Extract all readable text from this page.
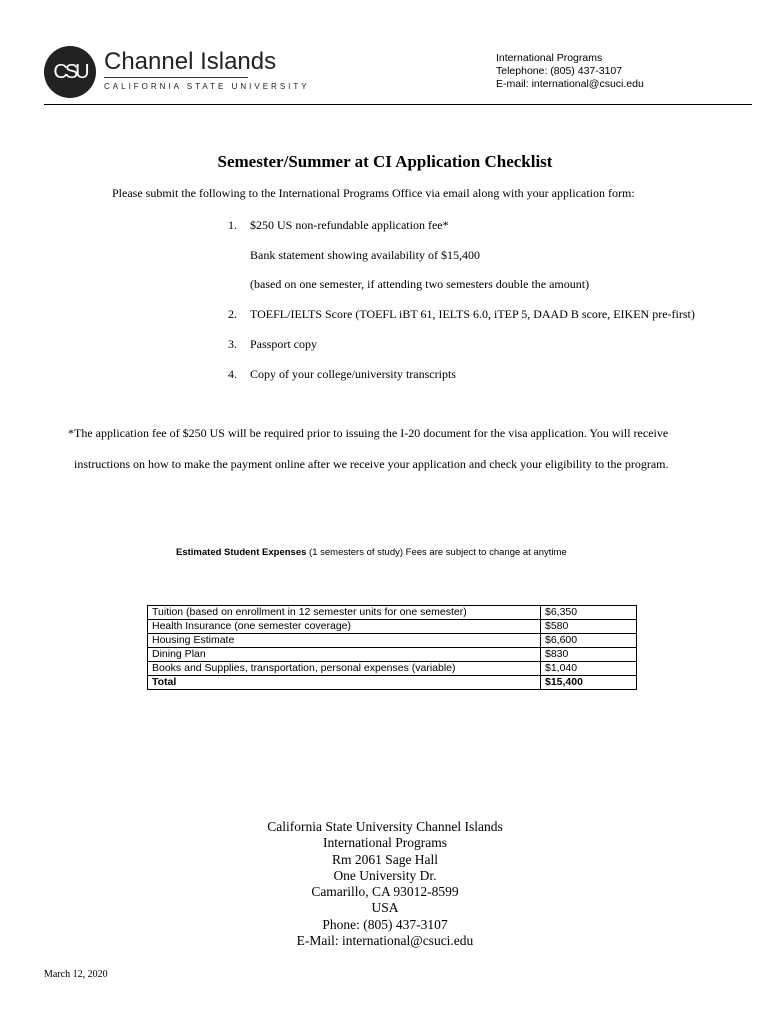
CSU Channel Islands
CALIFORNIA STATE UNIVERSITY
International Programs
Telephone: (805) 437-3107
E-mail: international@csuci.edu
Semester/Summer at CI Application Checklist
Please submit the following to the International Programs Office via email along with your application form:
1. $250 US non-refundable application fee*
Bank statement showing availability of $15,400
(based on one semester, if attending two semesters double the amount)
2. TOEFL/IELTS Score (TOEFL iBT 61, IELTS 6.0, iTEP 5, DAAD B score, EIKEN pre-first)
3. Passport copy
4. Copy of your college/university transcripts
*The application fee of $250 US will be required prior to issuing the I-20 document for the visa application. You will receive
instructions on how to make the payment online after we receive your application and check your eligibility to the program.
Estimated Student Expenses (1 semesters of study) Fees are subject to change at anytime
Tuition (based on enrollment in 12 semester units for one semester)	$6,350
Health Insurance (one semester coverage)	$580
Housing Estimate	$6,600
Dining Plan	$830
Books and Supplies, transportation, personal expenses (variable)	$1,040
Total	$15,400
California State University Channel Islands
International Programs
Rm 2061 Sage Hall
One University Dr.
Camarillo, CA 93012-8599
USA
Phone: (805) 437-3107
E-Mail: international@csuci.edu
March 12, 2020
